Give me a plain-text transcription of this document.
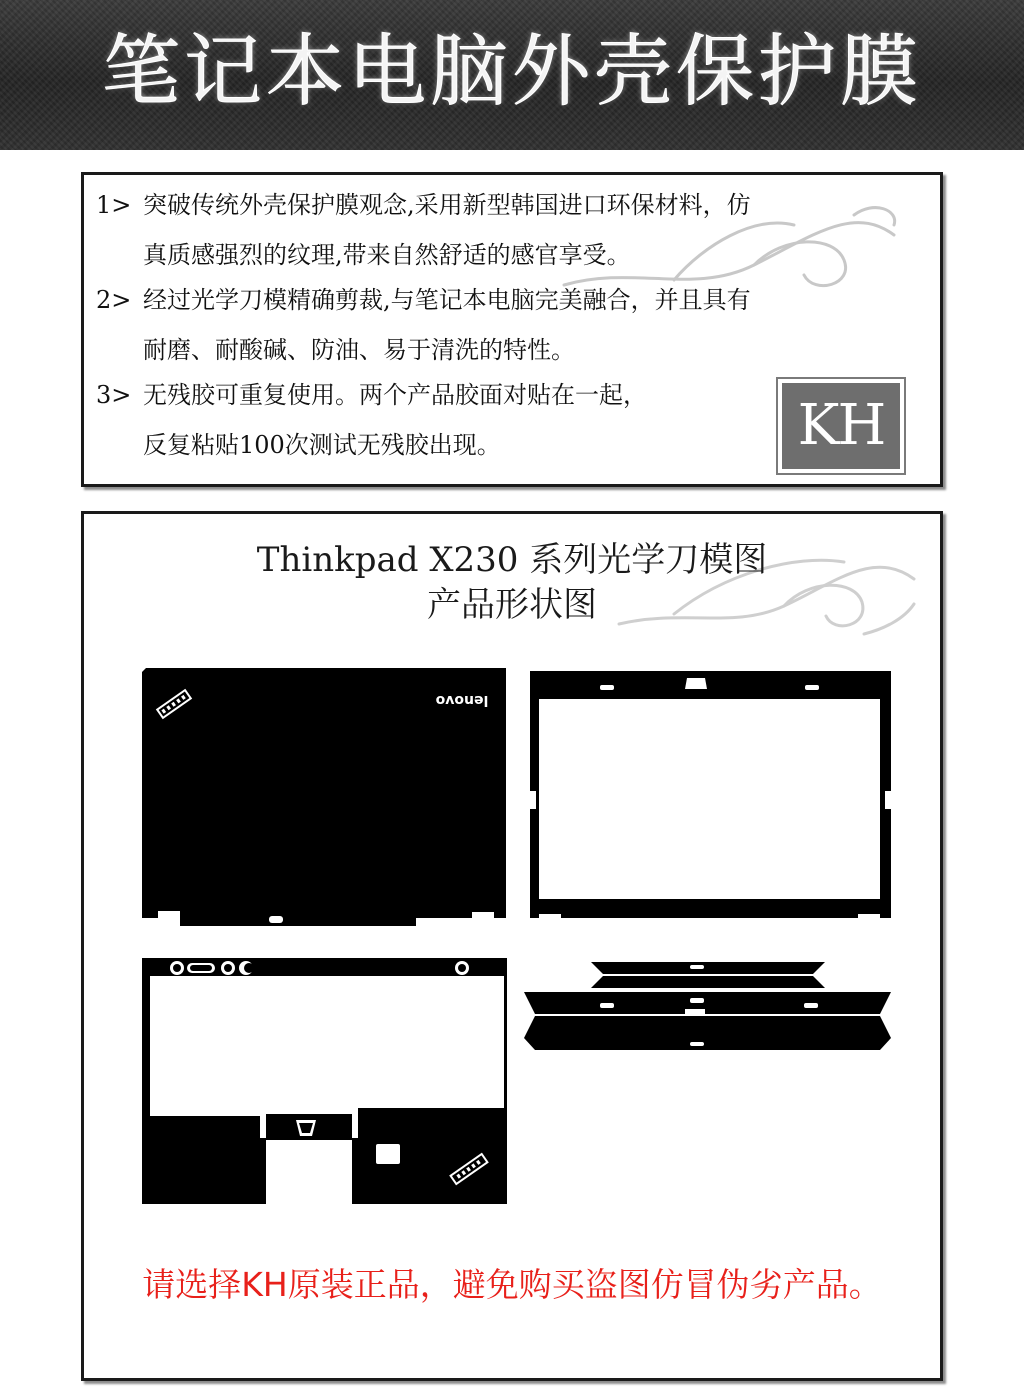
笔记本电脑外壳保护膜
1> 突破传统外壳保护膜观念,采用新型韩国进口环保材料，仿
真质感强烈的纹理,带来自然舒适的感官享受。
2> 经过光学刀模精确剪裁,与笔记本电脑完美融合，并且具有
耐磨、耐酸碱、防油、易于清洗的特性。
3> 无残胶可重复使用。两个产品胶面对贴在一起，
反复粘贴100次测试无残胶出现。	KH
Thinkpad X230 系列光学刀模图
产品形状图
lenovo
请选择KH原装正品，避免购买盗图仿冒伪劣产品。
